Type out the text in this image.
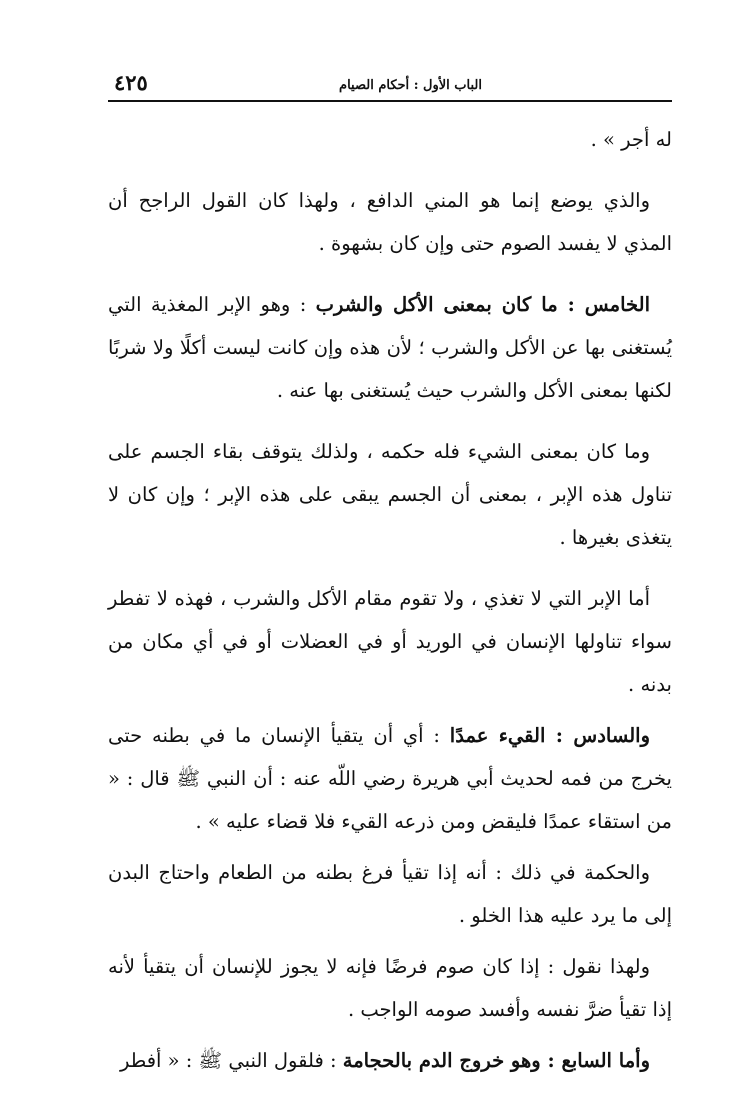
الباب الأول : أحكام الصيام
٤٢٥

له أجر » .

والذي يوضع إنما هو المني الدافع ، ولهذا كان القول الراجح أن المذي لا يفسد الصوم حتى وإن كان بشهوة .

الخامس : ما كان بمعنى الأكل والشرب : وهو الإبر المغذية التي يُستغنى بها عن الأكل والشرب ؛ لأن هذه وإن كانت ليست أكلًا ولا شربًا لكنها بمعنى الأكل والشرب حيث يُستغنى بها عنه .

وما كان بمعنى الشيء فله حكمه ، ولذلك يتوقف بقاء الجسم على تناول هذه الإبر ، بمعنى أن الجسم يبقى على هذه الإبر ؛ وإن كان لا يتغذى بغيرها .

أما الإبر التي لا تغذي ، ولا تقوم مقام الأكل والشرب ، فهذه لا تفطر سواء تناولها الإنسان في الوريد أو في العضلات أو في أي مكان من بدنه .

والسادس : القيء عمدًا : أي أن يتقيأ الإنسان ما في بطنه حتى يخرج من فمه لحديث أبي هريرة رضي اللّه عنه : أن النبي ﷺ قال : « من استقاء عمدًا فليقض ومن ذرعه القيء فلا قضاء عليه » .

والحكمة في ذلك : أنه إذا تقيأ فرغ بطنه من الطعام واحتاج البدن إلى ما يرد عليه هذا الخلو .

ولهذا نقول : إذا كان صوم فرضًا فإنه لا يجوز للإنسان أن يتقيأ لأنه إذا تقيأ ضرَّ نفسه وأفسد صومه الواجب .

وأما السابع : وهو خروج الدم بالحجامة : فلقول النبي ﷺ : « أفطر
